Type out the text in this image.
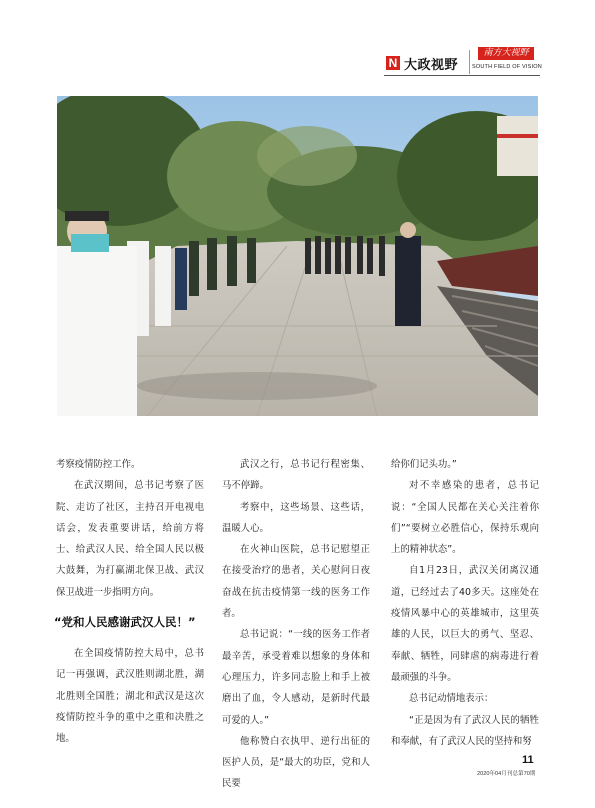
N 大政视野
南方大视野
SOUTH FIELD OF VISION

考察疫情防控工作。

在武汉期间，总书记考察了医院、走访了社区，主持召开电视电话会，发表重要讲话，给前方将士、给武汉人民、给全国人民以极大鼓舞，为打赢湖北保卫战、武汉保卫战进一步指明方向。

“党和人民感谢武汉人民！”

在全国疫情防控大局中，总书记一再强调，武汉胜则湖北胜，湖北胜则全国胜；湖北和武汉是这次疫情防控斗争的重中之重和决胜之地。

武汉之行，总书记行程密集、马不停蹄。

考察中，这些场景、这些话，温暖人心。

在火神山医院，总书记慰望正在接受治疗的患者，关心慰问日夜奋战在抗击疫情第一线的医务工作者。

总书记说：“一线的医务工作者最辛苦，承受着难以想象的身体和心理压力，许多同志脸上和手上被磨出了血，令人感动，是新时代最可爱的人。”

他称赞白衣执甲、逆行出征的医护人员，是“最大的功臣，党和人民要

给你们记头功。”

对不幸感染的患者，总书记说：“全国人民都在关心关注着你们”“要树立必胜信心，保持乐观向上的精神状态”。

自1月23日，武汉关闭离汉通道，已经过去了40多天。这座处在疫情风暴中心的英雄城市，这里英雄的人民，以巨大的勇气、坚忍、奉献、牺牲，同肆虐的病毒进行着最顽强的斗争。

总书记动情地表示：

“正是因为有了武汉人民的牺牲和奉献，有了武汉人民的坚持和努

11
2020年04月刊总第70期
